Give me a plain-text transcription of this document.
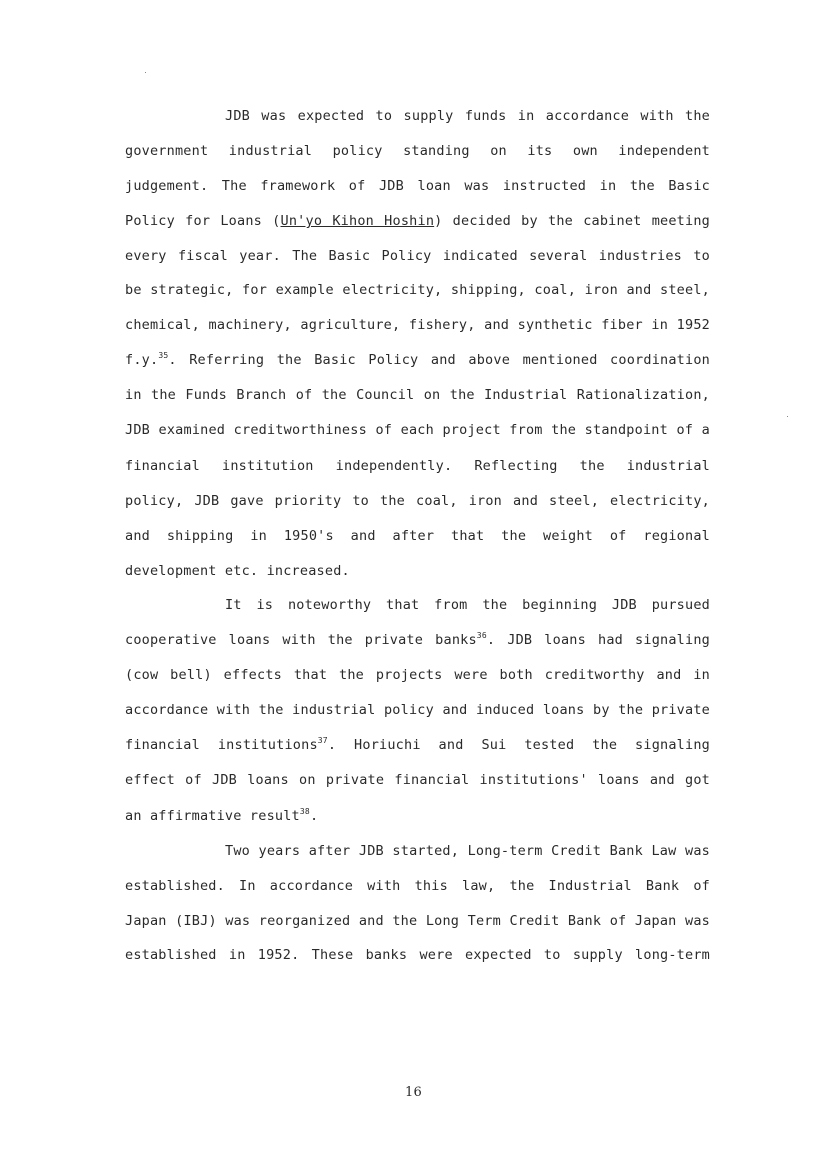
JDB was expected to supply funds in accordance with the
government industrial policy standing on its own independent
judgement. The framework of JDB loan was instructed in the Basic
Policy for Loans (Un'yo Kihon Hoshin) decided by the cabinet meeting
every fiscal year. The Basic Policy indicated several industries to
be strategic, for example electricity, shipping, coal, iron and steel,
chemical, machinery, agriculture, fishery, and synthetic fiber in 1952
f.y.$^{35}$. Referring the Basic Policy and above mentioned coordination
in the Funds Branch of the Council on the Industrial Rationalization,
JDB examined creditworthiness of each project from the standpoint of a
financial institution independently. Reflecting the industrial
policy, JDB gave priority to the coal, iron and steel, electricity,
and shipping in 1950's and after that the weight of regional
development etc. increased.
It is noteworthy that from the beginning JDB pursued
cooperative loans with the private banks$^{36}$. JDB loans had signaling
(cow bell) effects that the projects were both creditworthy and in
accordance with the industrial policy and induced loans by the private
financial institutions$^{37}$. Horiuchi and Sui tested the signaling
effect of JDB loans on private financial institutions' loans and got
an affirmative result$^{38}$.
Two years after JDB started, Long-term Credit Bank Law was
established. In accordance with this law, the Industrial Bank of
Japan (IBJ) was reorganized and the Long Term Credit Bank of Japan was
established in 1952. These banks were expected to supply long-term
16
